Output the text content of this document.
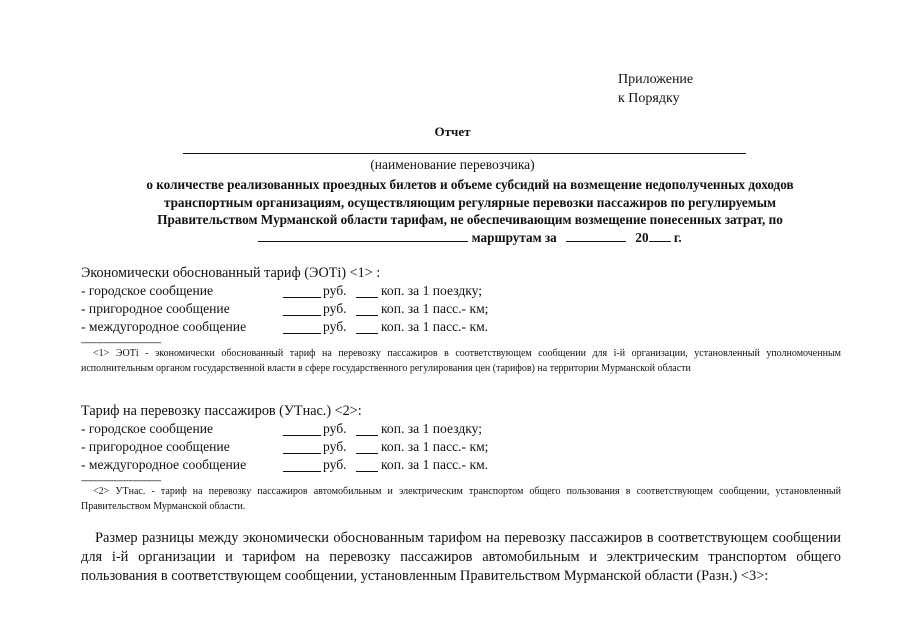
Приложение
к Порядку
Отчет
(наименование перевозчика)
о количестве реализованных проездных билетов и объеме субсидий на возмещение недополученных доходов
транспортным организациям, осуществляющим регулярные перевозки пассажиров по регулируемым
Правительством Мурманской области тарифам, не обеспечивающим возмещение понесенных затрат, по
маршрутам за	20 г.
Экономически обоснованный тариф (ЭОТi) <1> :
- городское сообщение	руб.	коп. за 1 поездку;
- пригородное сообщение	руб.	коп. за 1 пасс.- км;
- междугородное сообщение	руб.	коп. за 1 пасс.- км.
--------------------------------
<1> ЭОТi - экономически обоснованный тариф на перевозку пассажиров в соответствующем сообщении для i-й организации, установленный уполномоченным исполнительным органом государственной власти в сфере государственного регулирования цен (тарифов) на территории Мурманской области
Тариф на перевозку пассажиров (УТнас.) <2>:
- городское сообщение	руб.	коп. за 1 поездку;
- пригородное сообщение	руб.	коп. за 1 пасс.- км;
- междугородное сообщение	руб.	коп. за 1 пасс.- км.
--------------------------------
<2> УТнас. - тариф на перевозку пассажиров автомобильным и электрическим транспортом общего пользования в соответствующем сообщении, установленный Правительством Мурманской области.
Размер разницы между экономически обоснованным тарифом на перевозку пассажиров в соответствующем сообщении для i-й организации и тарифом на перевозку пассажиров автомобильным и электрическим транспортом общего пользования в соответствующем сообщении, установленным Правительством Мурманской области (Разн.) <3>:
